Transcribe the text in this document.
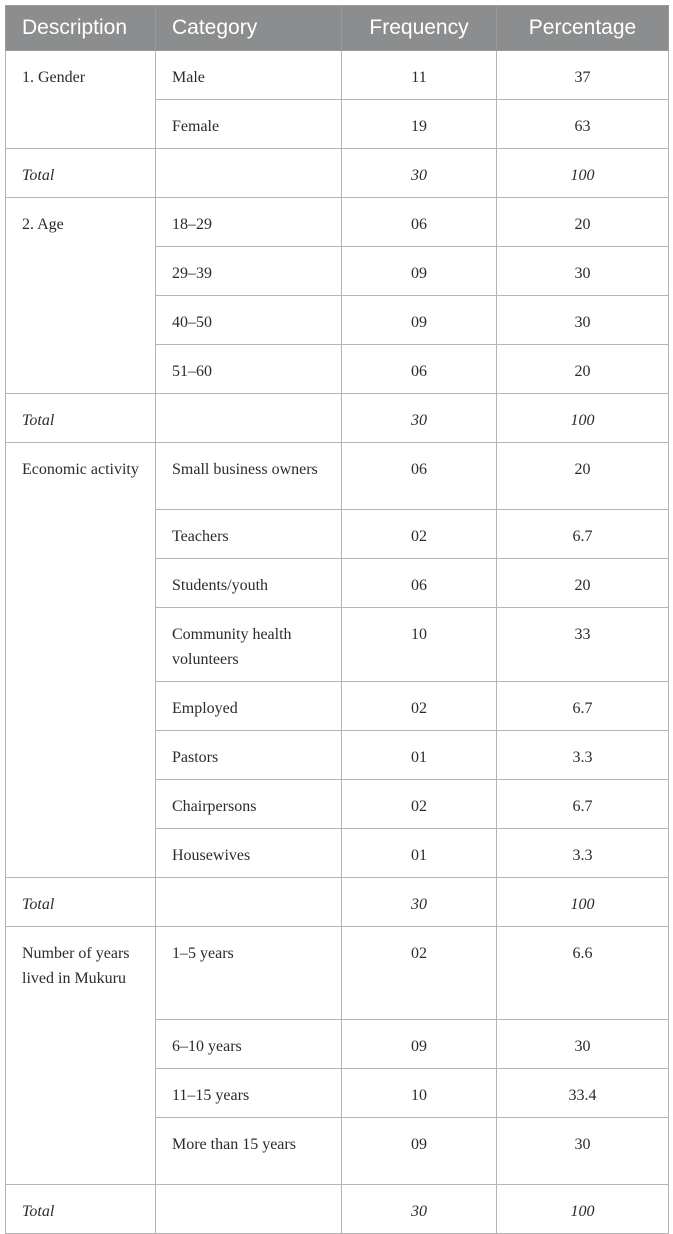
Description	Category	Frequency	Percentage
1. Gender	Male	11	37
	Female	19	63
Total		30	100
2. Age	18–29	06	20
	29–39	09	30
	40–50	09	30
	51–60	06	20
Total		30	100
Economic activity	Small business owners	06	20
	Teachers	02	6.7
	Students/youth	06	20
	Community health volunteers	10	33
	Employed	02	6.7
	Pastors	01	3.3
	Chairpersons	02	6.7
	Housewives	01	3.3
Total		30	100
Number of years lived in Mukuru	1–5 years	02	6.6
	6–10 years	09	30
	11–15 years	10	33.4
	More than 15 years	09	30
Total		30	100
